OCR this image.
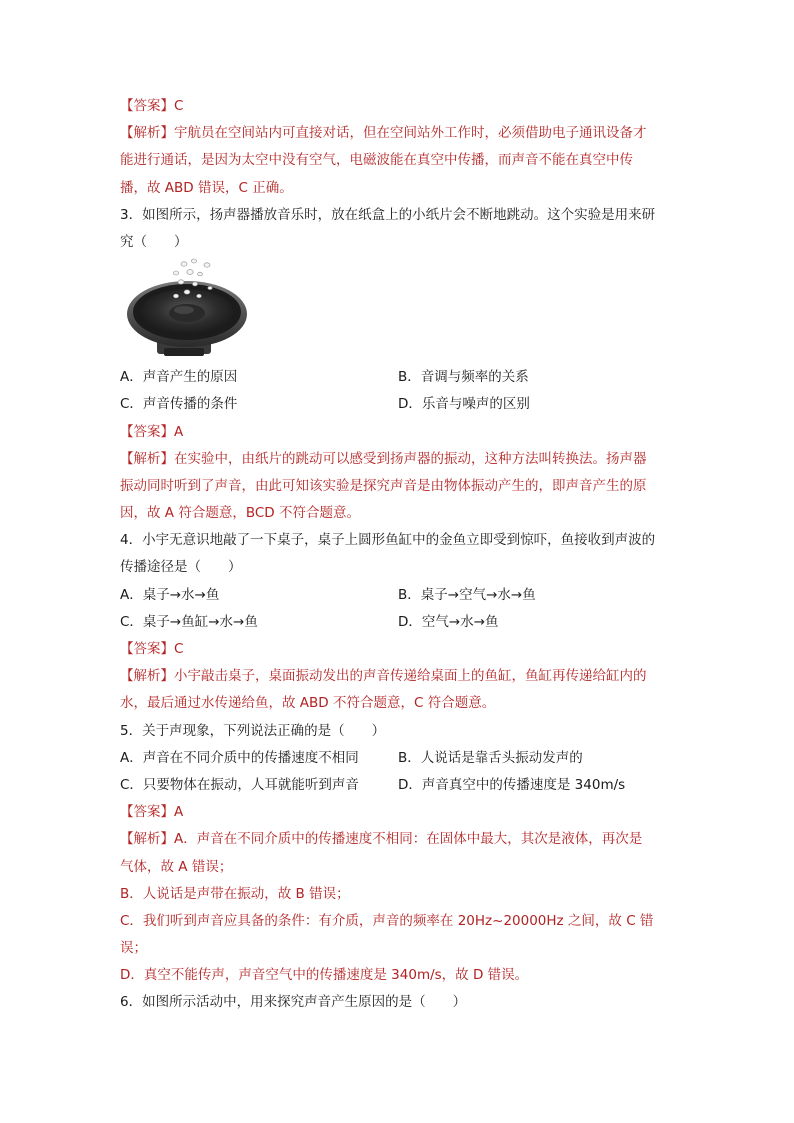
【答案】C
【解析】宇航员在空间站内可直接对话，但在空间站外工作时，必须借助电子通讯设备才
能进行通话，是因为太空中没有空气，电磁波能在真空中传播，而声音不能在真空中传
播，故 ABD 错误，C 正确。
3．如图所示，扬声器播放音乐时，放在纸盒上的小纸片会不断地跳动。这个实验是用来研
究（　　）
A．声音产生的原因	B．音调与频率的关系
C．声音传播的条件	D．乐音与噪声的区别
【答案】A
【解析】在实验中，由纸片的跳动可以感受到扬声器的振动，这种方法叫转换法。扬声器
振动同时听到了声音，由此可知该实验是探究声音是由物体振动产生的，即声音产生的原
因，故 A 符合题意，BCD 不符合题意。
4．小宇无意识地敲了一下桌子，桌子上圆形鱼缸中的金鱼立即受到惊吓，鱼接收到声波的
传播途径是（　　）
A．桌子→水→鱼	B．桌子→空气→水→鱼
C．桌子→鱼缸→水→鱼	D．空气→水→鱼
【答案】C
【解析】小宇敲击桌子，桌面振动发出的声音传递给桌面上的鱼缸，鱼缸再传递给缸内的
水，最后通过水传递给鱼，故 ABD 不符合题意，C 符合题意。
5．关于声现象，下列说法正确的是（　　）
A．声音在不同介质中的传播速度不相同	B．人说话是靠舌头振动发声的
C．只要物体在振动，人耳就能听到声音	D．声音真空中的传播速度是 340m/s
【答案】A
【解析】A．声音在不同介质中的传播速度不相同：在固体中最大，其次是液体，再次是
气体，故 A 错误；
B．人说话是声带在振动，故 B 错误；
C．我们听到声音应具备的条件：有介质，声音的频率在 20Hz~20000Hz 之间，故 C 错
误；
D．真空不能传声，声音空气中的传播速度是 340m/s，故 D 错误。
6．如图所示活动中，用来探究声音产生原因的是（　　）
